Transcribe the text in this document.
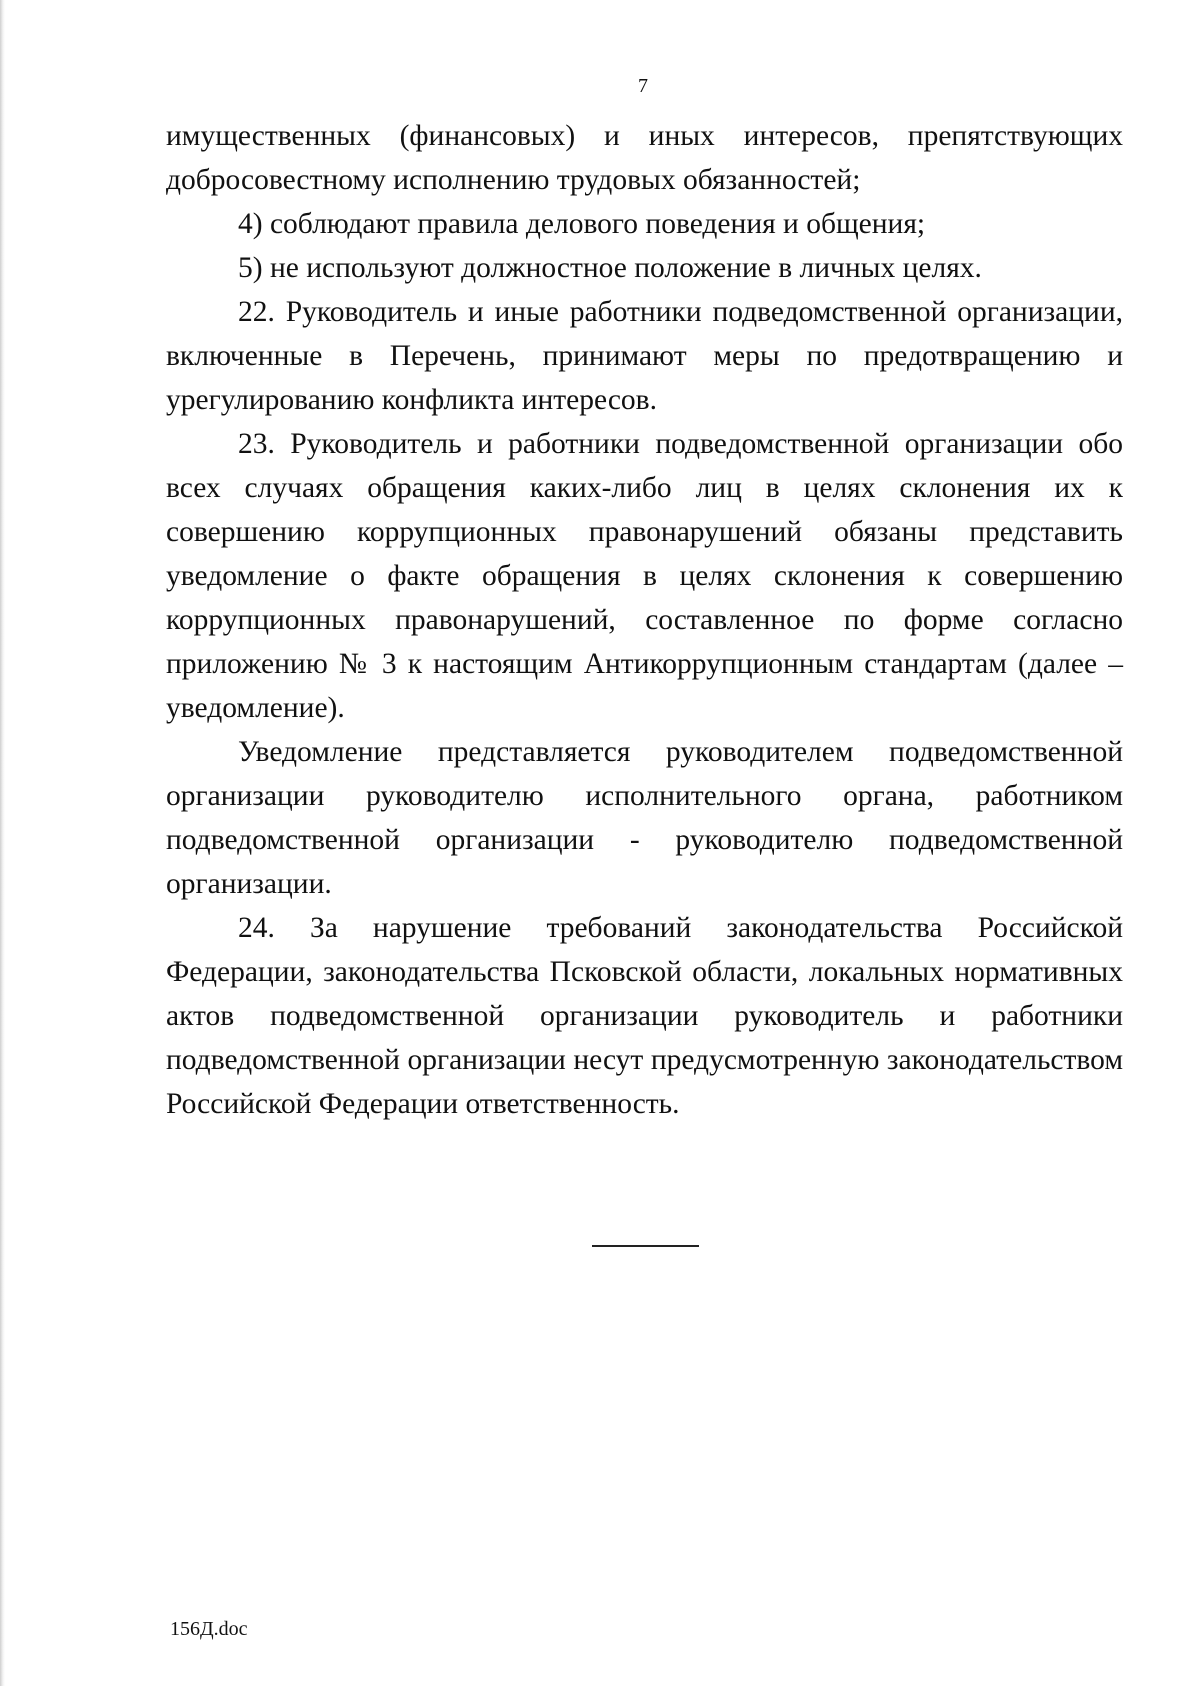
7

имущественных (финансовых) и иных интересов, препятствующих добросовестному исполнению трудовых обязанностей;

4) соблюдают правила делового поведения и общения;

5) не используют должностное положение в личных целях.

22. Руководитель и иные работники подведомственной организации, включенные в Перечень, принимают меры по предотвращению и урегулированию конфликта интересов.

23. Руководитель и работники подведомственной организации обо всех случаях обращения каких-либо лиц в целях склонения их к совершению коррупционных правонарушений обязаны представить уведомление о факте обращения в целях склонения к совершению коррупционных правонарушений, составленное по форме согласно приложению № 3 к настоящим Антикоррупционным стандартам (далее – уведомление).

Уведомление представляется руководителем подведомственной организации руководителю исполнительного органа, работником подведомственной организации - руководителю подведомственной организации.

24. За нарушение требований законодательства Российской Федерации, законодательства Псковской области, локальных нормативных актов подведомственной организации руководитель и работники подведомственной организации несут предусмотренную законодательством Российской Федерации ответственность.

156Д.doc
